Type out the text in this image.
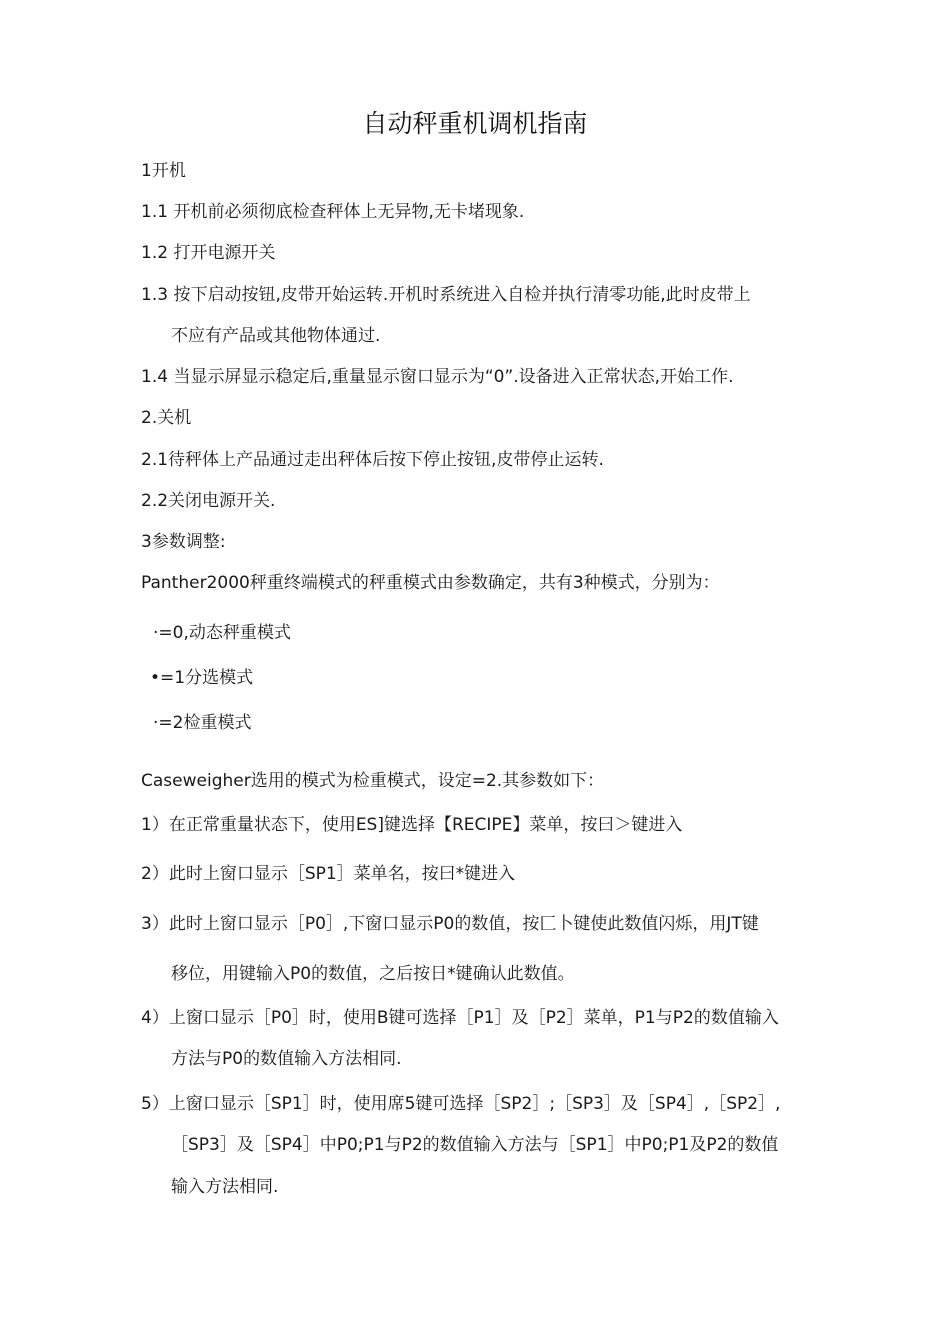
自动秤重机调机指南
1开机
1.1 开机前必须彻底检查秤体上无异物,无卡堵现象.
1.2 打开电源开关
1.3 按下启动按钮,皮带开始运转.开机时系统进入自检并执行清零功能,此时皮带上
不应有产品或其他物体通过.
1.4 当显示屏显示稳定后,重量显示窗口显示为“0”.设备进入正常状态,开始工作.
2.关机
2.1待秤体上产品通过走出秤体后按下停止按钮,皮带停止运转.
2.2关闭电源开关.
3参数调整:
Panther2000秤重终端模式的秤重模式由参数确定，共有3种模式，分别为：
·=0,动态秤重模式
•=1分选模式
·=2检重模式
Caseweigher选用的模式为检重模式，设定=2.其参数如下：
1）在正常重量状态下，使用ES]键选择【RECIPE】菜单，按曰＞键进入
2）此时上窗口显示［SP1］菜单名，按曰*键进入
3）此时上窗口显示［P0］,下窗口显示P0的数值，按匚卜键使此数值闪烁，用JT键
移位，用键输入P0的数值，之后按日*键确认此数值。
4）上窗口显示［P0］时，使用B键可选择［P1］及［P2］菜单，P1与P2的数值输入
方法与P0的数值输入方法相同.
5）上窗口显示［SP1］时，使用席5键可选择［SP2］;［SP3］及［SP4］,［SP2］,
［SP3］及［SP4］中P0;P1与P2的数值输入方法与［SP1］中P0;P1及P2的数值
输入方法相同.
